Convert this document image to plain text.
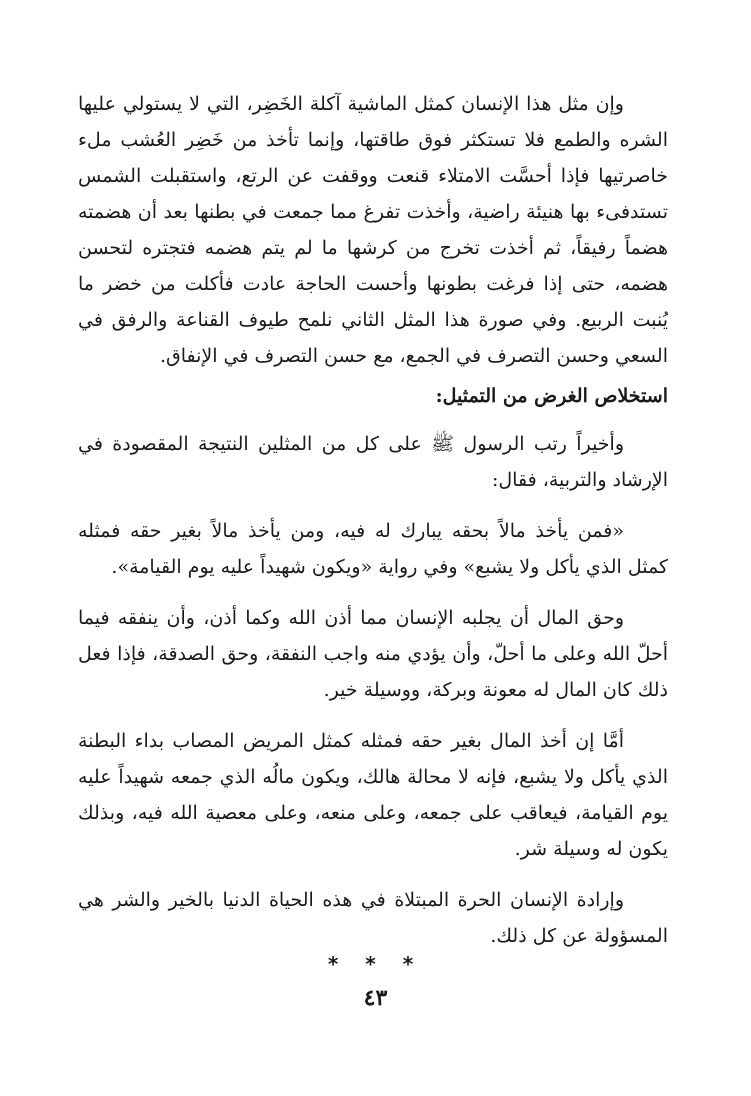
وإن مثل هذا الإنسان كمثل الماشية آكلة الخَضِر، التي لا يستولي عليها الشره والطمع فلا تستكثر فوق طاقتها، وإنما تأخذ من خَضِر العُشب ملء خاصرتيها فإذا أحسَّت الامتلاء قنعت ووقفت عن الرتع، واستقبلت الشمس تستدفىء بها هنيئة راضية، وأخذت تفرغ مما جمعت في بطنها بعد أن هضمته هضماً رفيقاً، ثم أخذت تخرج من كرشها ما لم يتم هضمه فتجتره لتحسن هضمه، حتى إذا فرغت بطونها وأحست الحاجة عادت فأكلت من خضر ما يُنبت الربيع. وفي صورة هذا المثل الثاني نلمح طيوف القناعة والرفق في السعي وحسن التصرف في الجمع، مع حسن التصرف في الإنفاق.

استخلاص الغرض من التمثيل:

وأخيراً رتب الرسول ﷺ على كل من المثلين النتيجة المقصودة في الإرشاد والتربية، فقال:

«فمن يأخذ مالاً بحقه يبارك له فيه، ومن يأخذ مالاً بغير حقه فمثله كمثل الذي يأكل ولا يشبع» وفي رواية «ويكون شهيداً عليه يوم القيامة».

وحق المال أن يجلبه الإنسان مما أذن الله وكما أذن، وأن ينفقه فيما أحلّ الله وعلى ما أحلّ، وأن يؤدي منه واجب النفقة، وحق الصدقة، فإذا فعل ذلك كان المال له معونة وبركة، ووسيلة خير.

أمَّا إن أخذ المال بغير حقه فمثله كمثل المريض المصاب بداء البطنة الذي يأكل ولا يشبع، فإنه لا محالة هالك، ويكون مالُه الذي جمعه شهيداً عليه يوم القيامة، فيعاقب على جمعه، وعلى منعه، وعلى معصية الله فيه، وبذلك يكون له وسيلة شر.

وإرادة الإنسان الحرة المبتلاة في هذه الحياة الدنيا بالخير والشر هي المسؤولة عن كل ذلك.

* * *
٤٣
